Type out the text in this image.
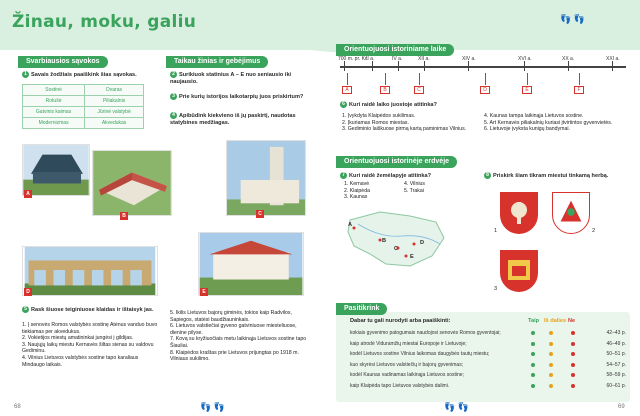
Žinau, moku, galiu	👣 👣
👣 👣	👣 👣
Svarbiausios sąvokos
1 Savais žodžiais paaiškink šias sąvokas.
Sostinė	Dvaras
Rotušė	Piliakalnis
Gatvinis kaimas	Jūrinė valstybė
Modernizmas	Akvedukas
Taikau žinias ir gebėjimus
2 Surikiuok statinius A – E nuo seniausio iki naujausio.
3 Prie kurių istorijos laikotarpių juos priskirtum?
4 Apibūdink kiekvieno iš jų paskirtį, naudotas statybines medžiagas.
A
B	C
D	E
5 Rask šiuose teiginiuose klaidas ir ištaisyk jas.
1. Į senovės Romos valstybės sostinę Atėnus vanduo buvo tiekiamas per akvedukus.
2. Vokietijos miestų amatininkai jungėsi į gildijas.
3. Naujųjų laikų miestu Kernavės šiltas sienas su valdovu Gediminu.
4. Vilnius Lietuvos valstybės sostine tapo karaliaus Mindaugo laikais.
5. Ikilis Lietuvos bajorų giminės, tokios kaip Radvilos, Sapiegos, statėsi baudžiauninkais.
6. Lietuvos valstiečiai gyveno gatviniuose miesteliuose, dienine pilyse.
7. Kovą su kryžiuočiais metu laikinąja Lietuvos sostine tapo Šiauliai.
8. Klaipėdos kraštas prie Lietuvos prijungtas po 1918 m. Vilniaus sukilimo.
68
Orientuojuosi istoriniame laike
700 m. pr. Kr.
II a.	IV a.	XII a.	XIV a.	XVI a.	XX a.	XXI a.
A	B	C	D	E	F
6 Kuri raidė laiko juostoje atitinka?
1. Įvykdyta Klaipėdos sukilimas.
2. Įkuriamas Romos miestas.
3. Gediminio laiškuose pirmą kartą paminimas Vilnius.
4. Kaunas tampa laikinąja Lietuvos sostine.
5. Art Kernavės piliakalnių kuriasi įtvirtintos gyvenvietės.
6. Lietuvoje įvyksta kunigų bandymai.
Orientuojuosi istorinėje erdvėje
7 Kuri raidė žemėlapyje atitinka?
1. Kernavė
2. Klaipėda
3. Kaunas
4. Vilnius
5. Trakai
A
B
C
D
E
8 Priskirk šiam tikram miestui tinkamą herbą.
1	2
3
Pasitikrink
Dabar tu gali nurodyti arba paaiškinti:	Taip Iš dalies Ne
kokiais gyvenimo patogumais naudojosi senovės Romos gyventojai;	42–43 p.
kaip atrodė Viduramžių miestai Europoje ir Lietuvoje;	46–49 p.
kodėl Lietuvos sostine Vilnius laikomas daugybės tautų miestu;	50–51 p.
kuo skyrėsi Lietuvos valstiečių ir bajorų gyvenimas;	54–57 p.
kodėl Kaunas vadinamas laikinąja Lietuvos sostine;	58–59 p.
kaip Klaipėda tapo Lietuvos valstybės dalimi.	60–61 p.
69
